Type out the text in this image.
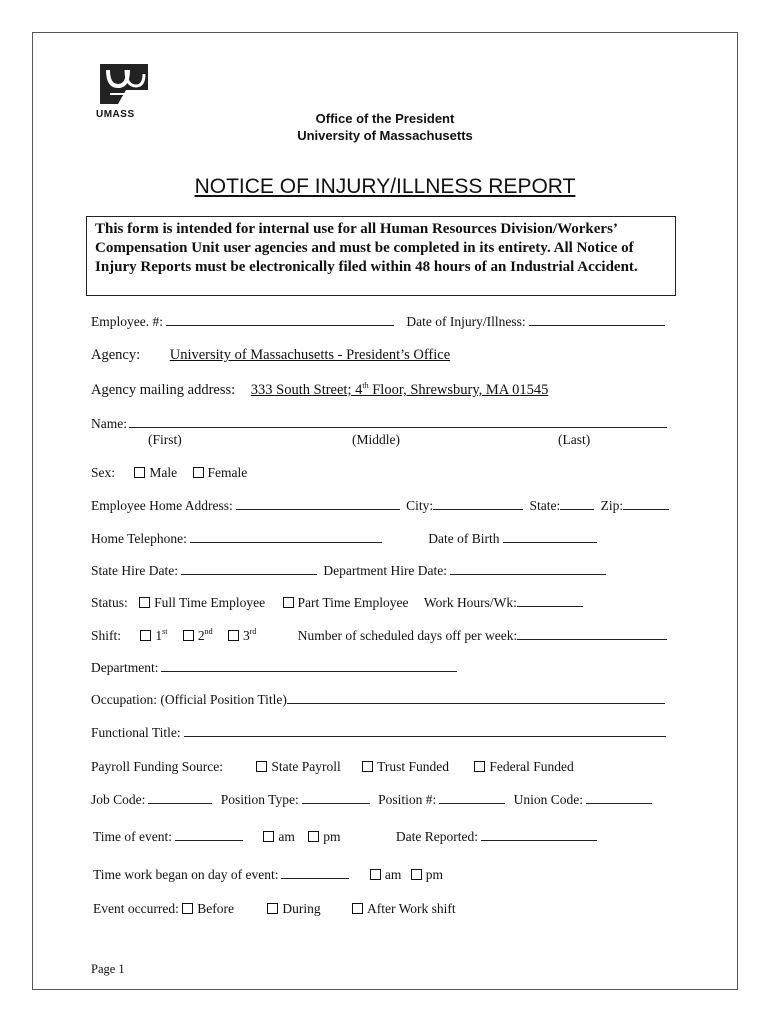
UMASS	Office of the President
University of Massachusetts
NOTICE OF INJURY/ILLNESS REPORT
This form is intended for internal use for all Human Resources Division/Workers’ Compensation Unit user agencies and must be completed in its entirety. All Notice of Injury Reports must be electronically filed within 48 hours of an Industrial Accident.
Employee. #:	Date of Injury/Illness:
Agency: University of Massachusetts - President’s Office
Agency mailing address: 333 South Street; 4th Floor, Shrewsbury, MA 01545
Name:
(First)	(Middle)	(Last)
Sex:	Male Female
Employee Home Address:	City:	State:	Zip:
Home Telephone:	Date of Birth
State Hire Date:	Department Hire Date:
Status: Full Time Employee Part Time Employee Work Hours/Wk:
Shift:	1st 2nd 3rd	Number of scheduled days off per week:
Department:
Occupation: (Official Position Title)
Functional Title:
Payroll Funding Source:	State Payroll	Trust Funded	Federal Funded
Job Code:	Position Type:	Position #:	Union Code:
Time of event:	am pm	Date Reported:
Time work began on day of event:	am pm
Event occurred: Before	During	After Work shift
Page 1
